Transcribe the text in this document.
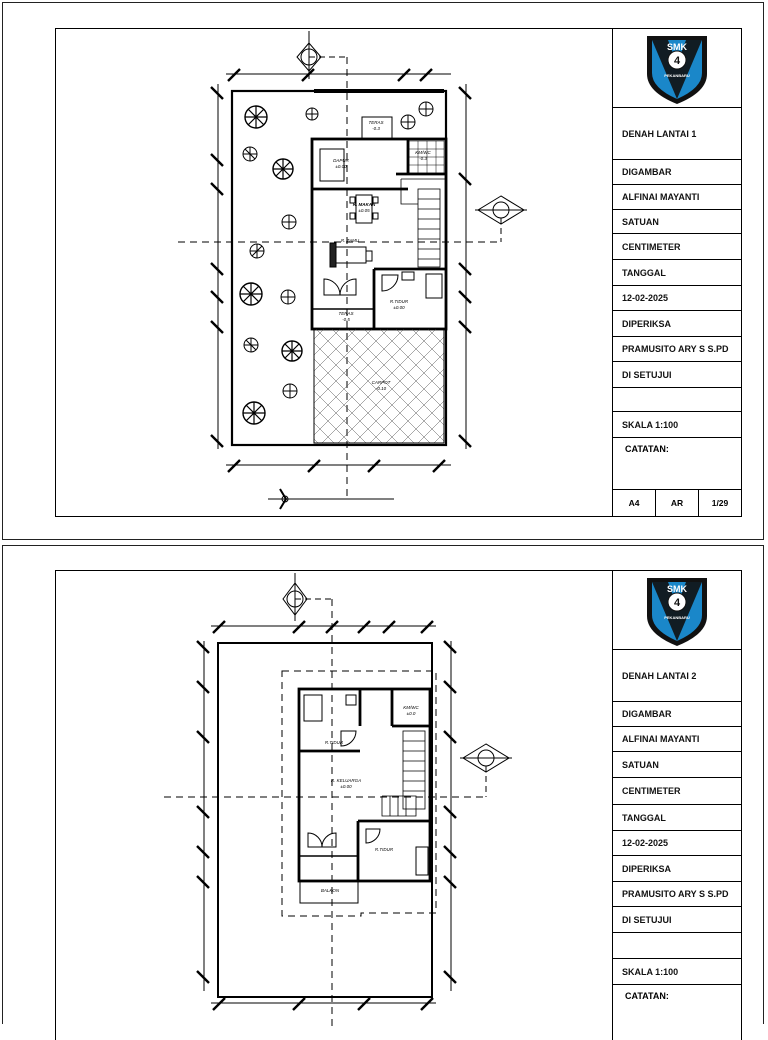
TERAS
-0.3
DAPUR
±0.00
KM/WC
-0.3
R. MAKAN
±0.05
R. TAMU
R.TIDUR
±0.00
TERAS
-0.5
CARPOT
-0.10
SMK
4
PEKANBARU
DENAH LANTAI 1
DIGAMBAR
ALFINAI MAYANTI
SATUAN
CENTIMETER
TANGGAL
12-02-2025
DIPERIKSA
PRAMUSITO ARY S S.PD
DI SETUJUI
SKALA 1:100
CATATAN:
A4	AR	1/29
R.TIDUR
KM/WC
±0.0
R. KELUARGA
±0.00
BALKON
R.TIDUR
SMK
4
PEKANBARU
DENAH LANTAI 2
DIGAMBAR
ALFINAI MAYANTI
SATUAN
CENTIMETER
TANGGAL
12-02-2025
DIPERIKSA
PRAMUSITO ARY S S.PD
DI SETUJUI
SKALA 1:100
CATATAN:
